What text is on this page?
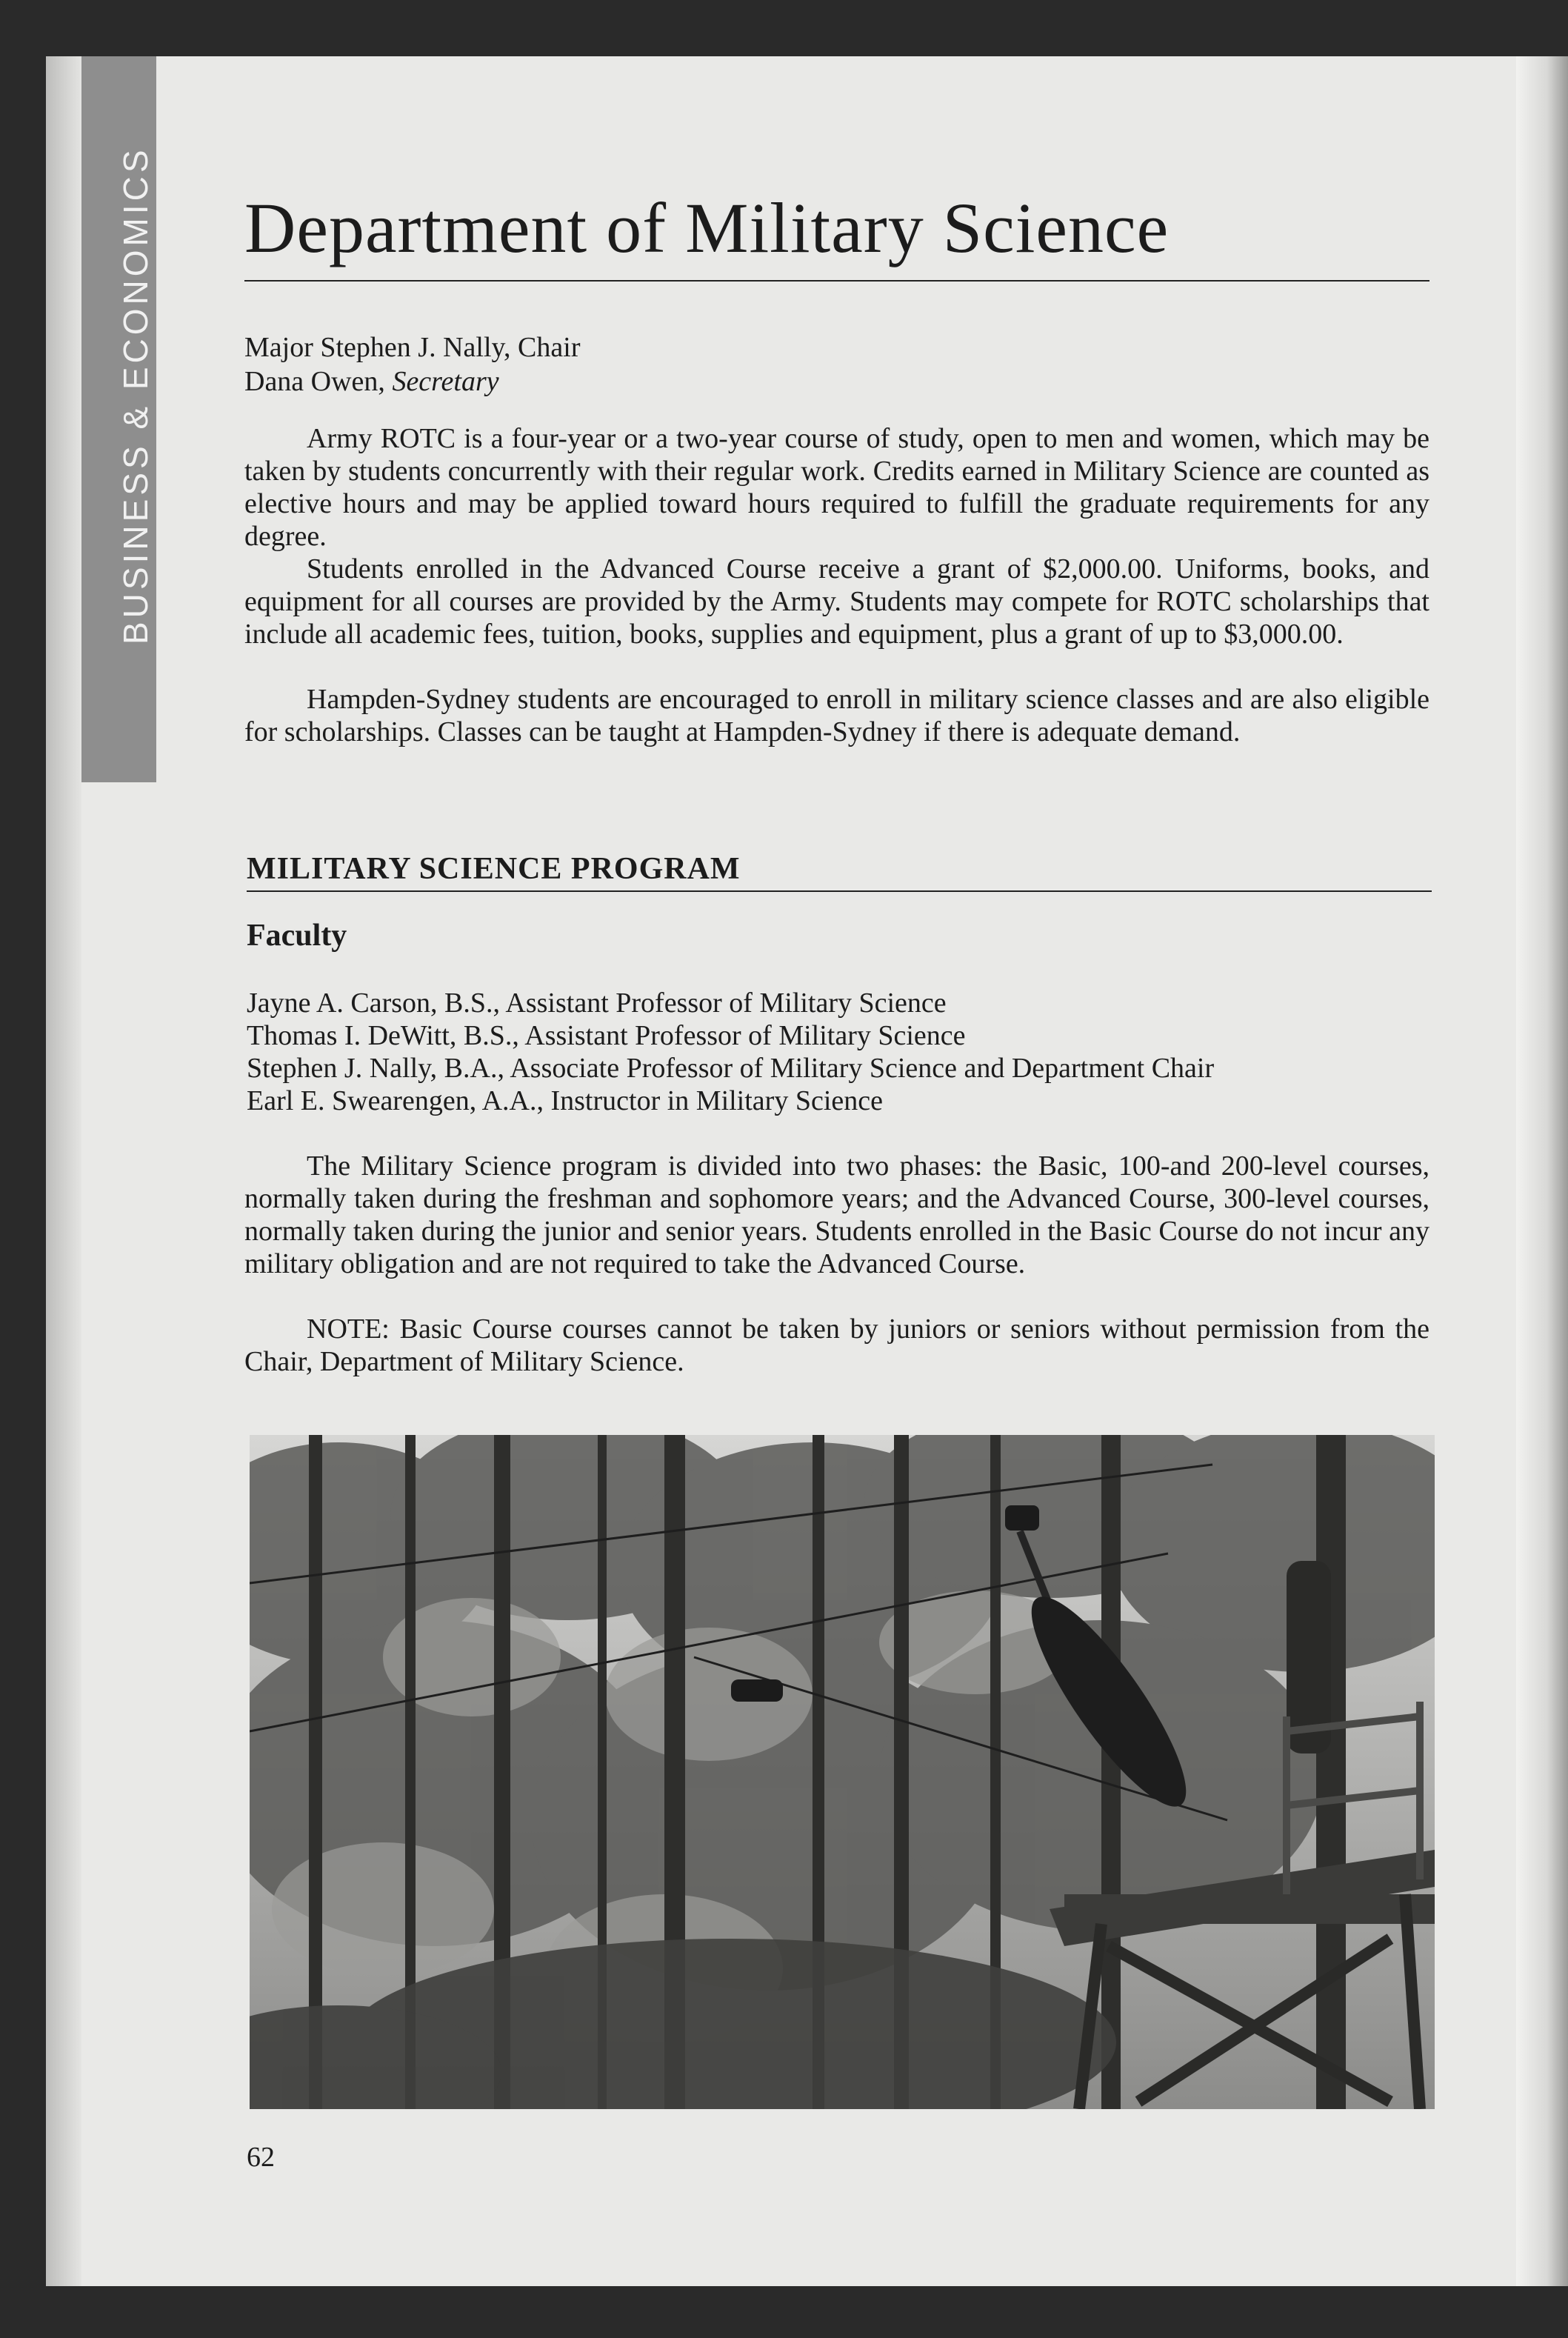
BUSINESS & ECONOMICS Department of Military Science
Major Stephen J. Nally, Chair
Dana Owen, Secretary

Army ROTC is a four-year or a two-year course of study, open to men and women, which may be taken by students concurrently with their regular work. Credits earned in Military Science are counted as elective hours and may be applied toward hours required to fulfill the graduate requirements for any degree.

Students enrolled in the Advanced Course receive a grant of $2,000.00. Uniforms, books, and equipment for all courses are provided by the Army. Students may compete for ROTC scholarships that include all academic fees, tuition, books, supplies and equipment, plus a grant of up to $3,000.00.

Hampden-Sydney students are encouraged to enroll in military science classes and are also eligible for scholarships. Classes can be taught at Hampden-Sydney if there is adequate demand.

MILITARY SCIENCE PROGRAM
Faculty
Jayne A. Carson, B.S., Assistant Professor of Military Science
Thomas I. DeWitt, B.S., Assistant Professor of Military Science
Stephen J. Nally, B.A., Associate Professor of Military Science and Department Chair
Earl E. Swearengen, A.A., Instructor in Military Science

The Military Science program is divided into two phases: the Basic, 100-and 200-level courses, normally taken during the freshman and sophomore years; and the Advanced Course, 300-level courses, normally taken during the junior and senior years. Students enrolled in the Basic Course do not incur any military obligation and are not required to take the Advanced Course.

NOTE: Basic Course courses cannot be taken by juniors or seniors without permission from the Chair, Department of Military Science.

62
